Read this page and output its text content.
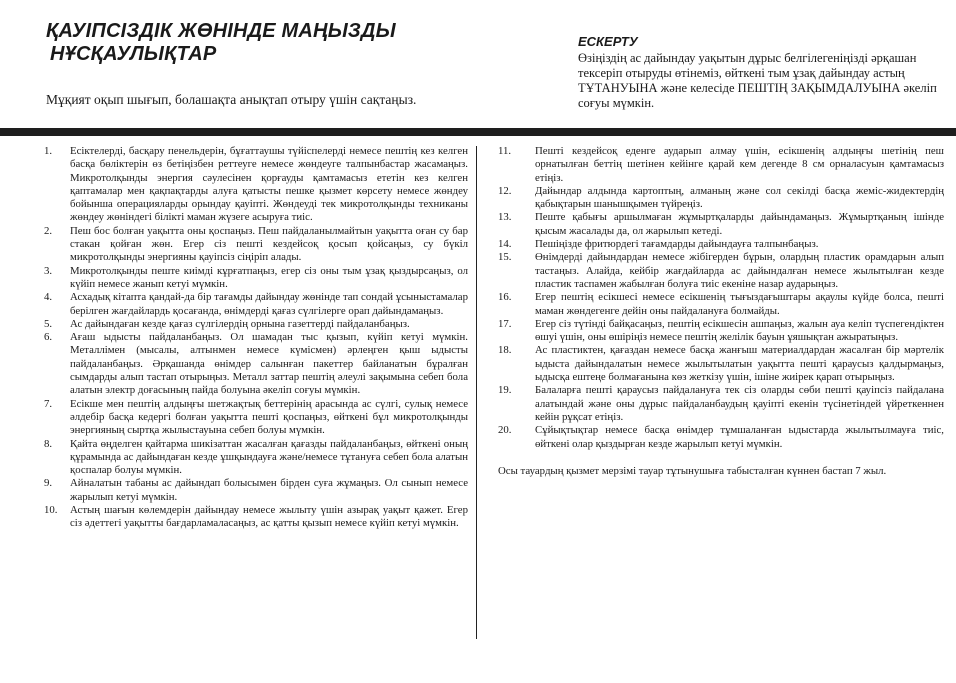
ҚАУІПСІЗДІК ЖӨНІНДЕ МАҢЫЗДЫ
НҰСҚАУЛЫҚТАР

Мұқият оқып шығып, болашақта анықтап отыру үшін сақтаңыз.

ЕСКЕРТУ

Өзіңіздің ас дайындау уақытын дұрыс белгілегеніңізді әрқашан тексеріп отыруды өтінеміз, өйткені тым ұзақ дайындау астың ТҰТАНУЫНА және келесіде ПЕШТІҢ ЗАҚЫМДАЛУЫНА әкеліп соғуы мүмкін.

1.	Есіктелерді, басқару пенельдерін, бұғаттаушы түйіспелерді немесе пештің кез келген басқа бөліктерін өз бетіңізбен реттеуге немесе жөндеуге талпынбастар жасамаңыз. Микротолқынды энергия сәулесінен қорғауды қамтамасыз ететін кез келген қаптамалар мен қақпақтарды алуға қатысты пешке қызмет көрсету немесе жөндеу бойынша операцияларды орындау қауіпті. Жөндеуді тек микротолқынды техниканы жөндеу жөніндегі білікті маман жүзеге асыруға тиіс.
2.	Пеш бос болған уақытта оны қоспаңыз. Пеш пайдаланылмайтын уақытта оған су бар стакан қойған жөн. Егер сіз пешті кездейсоқ қосып қойсаңыз, су бүкіл микротолқынды энергияны қауіпсіз сіңіріп алады.
3.	Микротолқынды пеште киімді кұрғатпаңыз, егер сіз оны тым ұзақ қыздырсаңыз, ол күйіп немесе жанып кетуі мүмкін.
4.	Асхадық кітапта қандай-да бір тағамды дайындау жөнінде тап сондай ұсыныстамалар берілген жағдайлардь қосағанда, өнімдерді қағаз сүлгілерге орап дайындамаңыз.
5.	Ас дайындаған кезде қағаз сүлгілердің орнына газеттерді пайдаланбаңыз.
6.	Ағаш ыдысты пайдаланбаңыз. Ол шамадан тыс қызып, күйіп кетуі мүмкін. Металлімен (мысалы, алтынмен немесе күмісмен) әрлеңген қыш ыдысты пайдаланбаңыз. Әрқашанда өнімдер салынған пакеттер байланатын бұралған сымдарды алып тастап отырыңыз. Металл заттар пештің әлеулі зақымына себеп бола алатын электр доғасының пайда болуына әкеліп соғуы мүмкін.
7.	Есікше мен пештің алдыңғы шетжақтық беттерінің арасында ас сүлгі, сулық немесе әлдебір басқа кедергі болған уақытта пешті қоспаңыз, өйткені бұл микротолқынды энергияның сыртқа жылыстауына себеп болуы мүмкін.
8.	Қайта өңделген қайтарма шикізаттан жасалған қағазды пайдаланбаңыз, өйткені оның құрамында ас дайындаған кезде ұшқындауға және/немесе тұтануға себеп бола алатын қоспалар болуы мүмкін.
9.	Айналатын табаны ас дайындап болысымен бірден суға жұмаңыз. Ол сынып немесе жарылып кетуі мүмкін.
10.	Астың шағын көлемдерін дайындау немесе жылыту үшін азырақ уақыт қажет. Егер сіз әдеттегі уақытты бағдарламаласаңыз, ас қатты қызып немесе күйіп кетуі мүмкін.
11.	Пешті кездейсоқ еденге аударып алмау үшін, есікшенің алдыңғы шетінің пеш орнатылған беттің шетінен кейінге қарай кем дегенде 8 см орналасуын қамтамасыз етіңіз.
12.	Дайындар алдында картоптың, алманың және сол секілді басқа жеміс-жидектердің қабықтарын шанышқымен түйреңіз.
13.	Пеште қабығы аршылмаған жұмыртқаларды дайындамаңыз. Жұмыртқаның ішінде қысым жасалады да, ол жарылып кетеді.
14.	Пешіңізде фритюрдегі тағамдарды дайындауға талпынбаңыз.
15.	Өнімдерді дайындардан немесе жібігерден бұрын, олардың пластик орамдарын алып тастаңыз. Алайда, кейбір жағдайларда ас дайындалған немесе жылытылған кезде пластик таспамен жабылған болуға тиіс екеніне назар аударыңыз.
16.	Егер пештің есікшесі немесе есікшенің тығыздағыштары ақаулы күйде болса, пешті маман жөндегенге дейін оны пайдалануға болмайды.
17.	Егер сіз түтінді байқасаңыз, пештің есікшесін ашпаңыз, жалын ауа келіп түспегендіктен өшуі үшін, оны өшіріңіз немесе пештің желілік бауын ұяшықтан ажыратыңыз.
18.	Ас пластиктен, қағаздан немесе басқа жанғыш материалдардан жасалған бір мәртелік ыдыста дайындалатын немесе жылытылатын уақытта пешті қараусыз қалдырмаңыз, ыдысқа ештеңе болмағанына көз жеткізу үшін, ішіне жиірек қарап отырыңыз.
19.	Балаларға пешті қараусыз пайдалануға тек сіз оларды сөби пешті қауіпсіз пайдалана алатындай және оны дұрыс пайдаланбаудың қауіпті екенін түсінетіндей үйреткеннен кейін рұқсат етіңіз.
20.	Сұйықтықтар немесе басқа өнімдер тұмшаланған ыдыстарда жылытылмауға тиіс, өйткені олар қыздырған кезде жарылып кетуі мүмкін.

Осы тауардың қызмет мерзімі тауар тұтынушыға табысталған күннен бастап 7 жыл.
